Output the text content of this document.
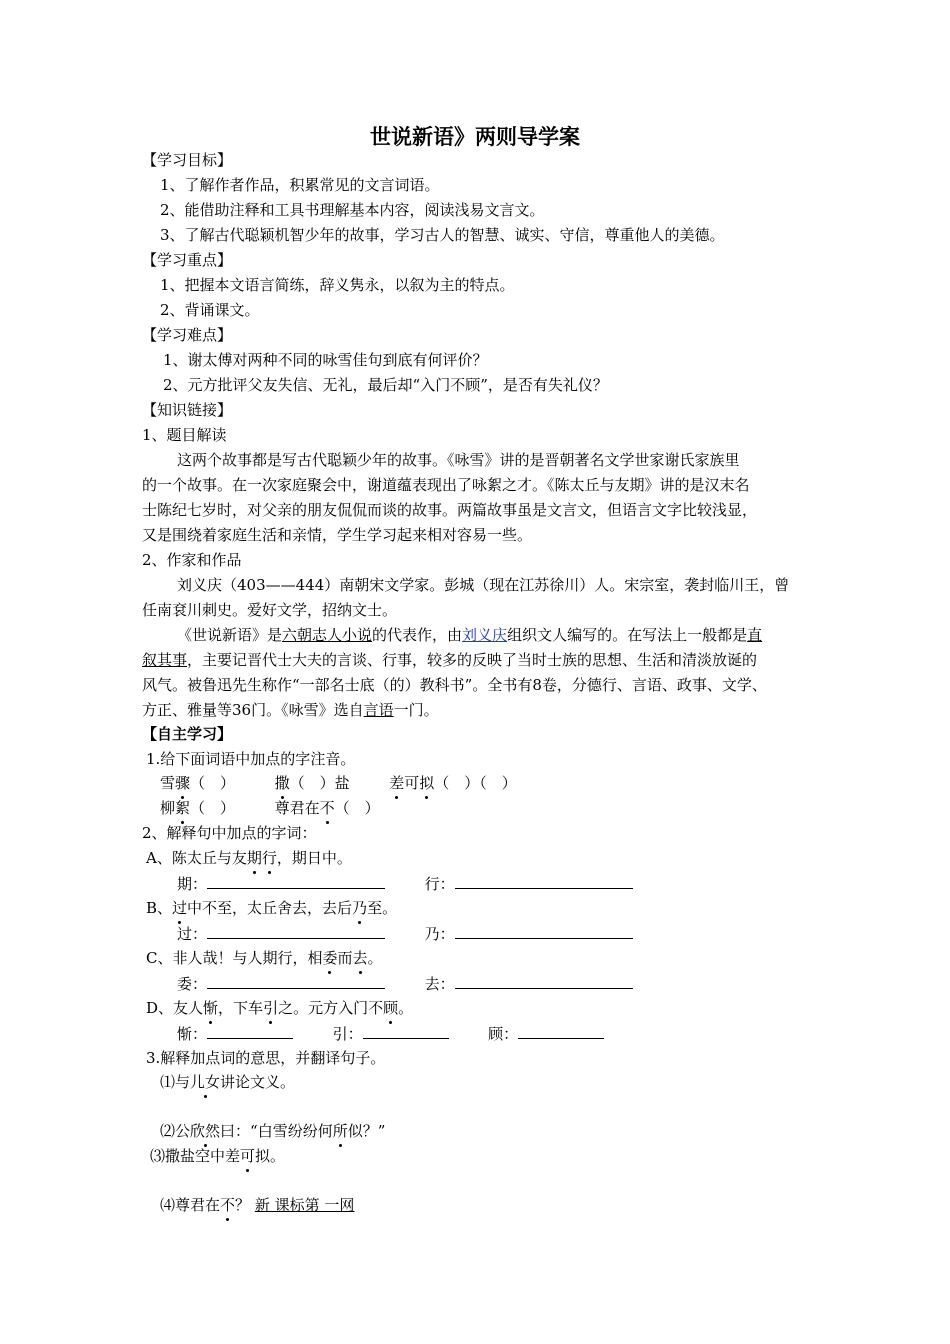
世说新语》两则导学案
【学习目标】
1、了解作者作品，积累常见的文言词语。
2、能借助注释和工具书理解基本内容，阅读浅易文言文。
3、了解古代聪颖机智少年的故事，学习古人的智慧、诚实、守信，尊重他人的美德。
【学习重点】
1、把握本文语言简练，辞义隽永，以叙为主的特点。
2、背诵课文。
【学习难点】
1、谢太傅对两种不同的咏雪佳句到底有何评价？
2、元方批评父友失信、无礼，最后却“入门不顾”，是否有失礼仪？
【知识链接】
1、题目解读
这两个故事都是写古代聪颖少年的故事。《咏雪》讲的是晋朝著名文学世家谢氏家族里
的一个故事。在一次家庭聚会中，谢道蕴表现出了咏絮之才。《陈太丘与友期》讲的是汉末名
士陈纪七岁时，对父亲的朋友侃侃而谈的故事。两篇故事虽是文言文，但语言文字比较浅显，
又是围绕着家庭生活和亲情，学生学习起来相对容易一些。
2、作家和作品
刘义庆（403——444）南朝宋文学家。彭城（现在江苏徐川）人。宋宗室，袭封临川王，曾
任南袞川刺史。爱好文学，招纳文士。
《世说新语》是六朝志人小说的代表作，由刘义庆组织文人编写的。在写法上一般都是直
叙其事，主要记晋代士大夫的言谈、行事，较多的反映了当时士族的思想、生活和清淡放诞的
风气。被鲁迅先生称作“一部名士底（的）教科书”。全书有8卷，分德行、言语、政事、文学、
方正、雅量等36门。《咏雪》选自言语一门。
【自主学习】
1.给下面词语中加点的字注音。
雪骤（　）	撒（　）盐	差可拟（　）（　）
柳絮（　）	尊君在不（　）
2、解释句中加点的字词：
A、陈太丘与友期行，期日中。
期：	行：
B、过中不至，太丘舍去，去后乃至。
过：	乃：
C、非人哉！与人期行，相委而去。
委：	去：
D、友人惭，下车引之。元方入门不顾。
惭：	引：	顾：
3.解释加点词的意思，并翻译句子。
⑴与儿女讲论文义。
⑵公欣然曰：“白雪纷纷何所似？”
⑶撒盐空中差可拟。
⑷尊君在不？ 新 课标第 一网
